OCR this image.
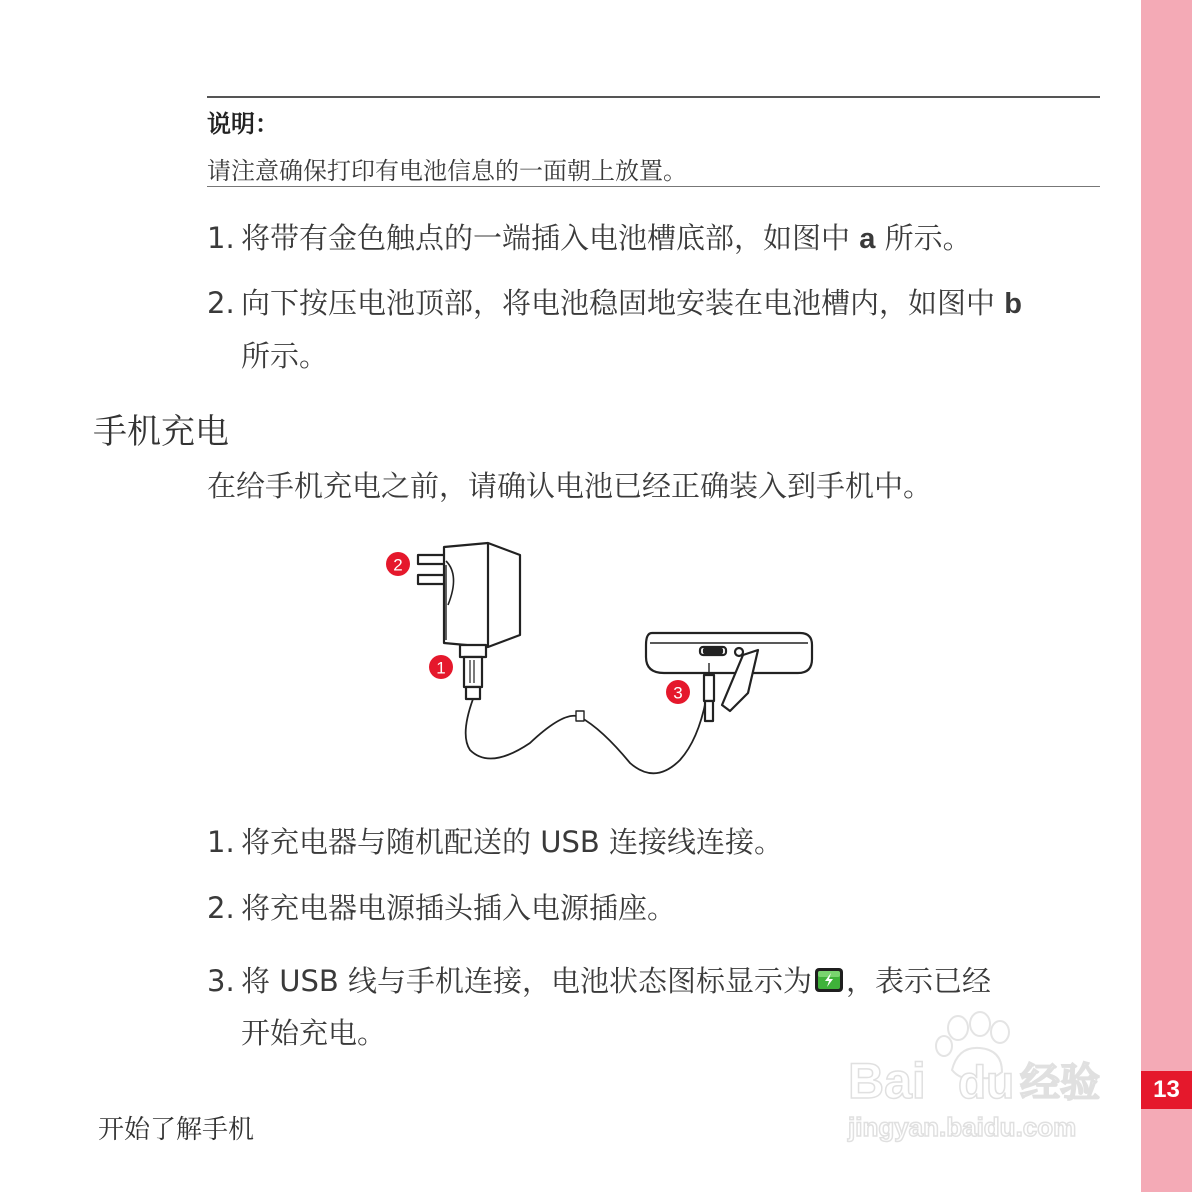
13
说明：
请注意确保打印有电池信息的一面朝上放置。
1. 将带有金色触点的一端插入电池槽底部，如图中 a 所示。
2. 向下按压电池顶部，将电池稳固地安装在电池槽内，如图中 b
所示。
手机充电
在给手机充电之前，请确认电池已经正确装入到手机中。
2
1
3
1. 将充电器与随机配送的 USB 连接线连接。
2. 将充电器电源插头插入电源插座。
3. 将 USB 线与手机连接，电池状态图标显示为 ，表示已经
开始充电。
开始了解手机
Bai du 经验
jingyan.baidu.com
